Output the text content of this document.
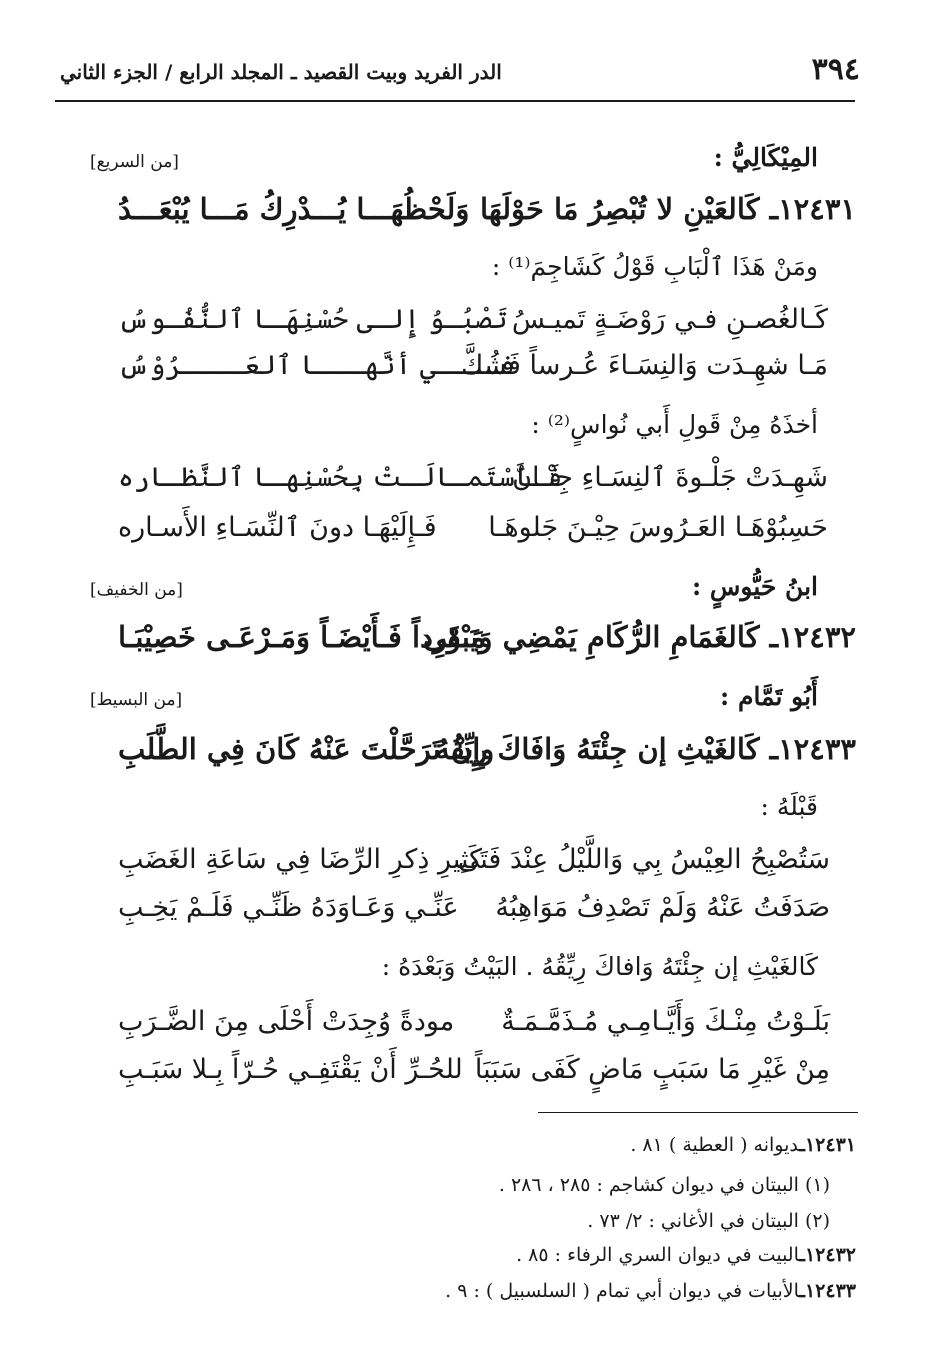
٣٩٤
الدر الفريد وبيت القصيد ـ المجلد الرابع / الجزء الثاني
المِيْكَالِيُّ :
[من السريع]
١٢٤٣١ـ كَالعَيْنِ لا تُبْصِرُ مَا حَوْلَهَا
وَلَحْظُهَـــا يُـــدْرِكُ مَـــا يُبْعَـــدُ
ومَنْ هَذَا ٱلْبَابِ قَوْلُ كَشَاجِمَ⁽¹⁾ :
كَـالغُصـنِ فـي رَوْضَـةٍ تَميـسُ
تَصْبُـوُ إِلـى حُسْنِهَـا ٱلنُّفُـوسُ
مَـا شهِـدَت وَالنِسَـاءَ عُـرساً فَشُكَّ
فــــي أنَّهـــا ٱلعَــــرُوْسُ
أخذَهُ مِنْ قَولِ أَبي نُواسٍ⁽²⁾ :
شَهِـدَتْ جَلْـوةَ ٱلنِسَـاءِ جِنْـانٌ
فَـاَسْتَمـالَـتْ بِحُسْنِهـا ٱلنَّظـاره
حَسِبُوْهَـا العَـرُوسَ حِيْـنَ جَلوهَـا
فَـإِلَيْهَـا دونَ ٱلنِّسَـاءِ الأَسـاره
ابنُ حَيُّوسٍ :
[من الخفيف]
١٢٤٣٢ـ كَالغَمَامِ الرُّكَامِ يَمْضِي وَيَبْقَى
مَـوْرِداً فَـأَيْضَـاً وَمَـرْعَـى خَصِيْبَـا
أَبُو تَمَّام :
[من البسيط]
١٢٤٣٣ـ كَالغَيْثِ إن جِئْتَهُ وَافَاكَ رِيِّقُهُ
وإِنْ تَرَحَّلْتَ عَنْهُ كَانَ فِي الطَّلَبِ
قَبْلَهُ :
سَتُصْبِحُ العِيْسُ بِي وَاللَّيْلُ عِنْدَ فَتَى
كَثِيرِ ذِكرِ الرِّضَا فِي سَاعَةِ الغَضَبِ
صَدَفَتُ عَنْهُ وَلَمْ تَصْدِفُ مَوَاهِبُهُ
عَنِّـي وَعَـاوَدَهُ ظَنِّـي فَلَـمْ يَخِـبِ
كَالغَيْثِ إن جِئْتَهُ وَافاكَ رِيِّقُهُ . البَيْتُ وَبَعْدَهُ :
بَلَـوْتُ مِنْـكَ وَأَيَّـامِـي مُـذَمَّـمَـةٌ
مودةً وُجِدَتْ أَحْلَى مِنَ الضَّـرَبِ
مِنْ غَيْرِ مَا سَبَبٍ مَاضٍ كَفَى سَبَبَاً
للحُـرِّ أَنْ يَقْتَفِـي حُـرّاً بِـلا سَبَـبِ
١٢٤٣١ـديوانه ( العطية ) ٨١ .
(١) البيتان في ديوان كشاجم : ٢٨٥ ، ٢٨٦ .
(٢) البيتان في الأغاني : ٢/ ٧٣ .
١٢٤٣٢ـالبيت في ديوان السري الرفاء : ٨٥ .
١٢٤٣٣ـالأبيات في ديوان أبي تمام ( السلسبيل ) : ٩ .
